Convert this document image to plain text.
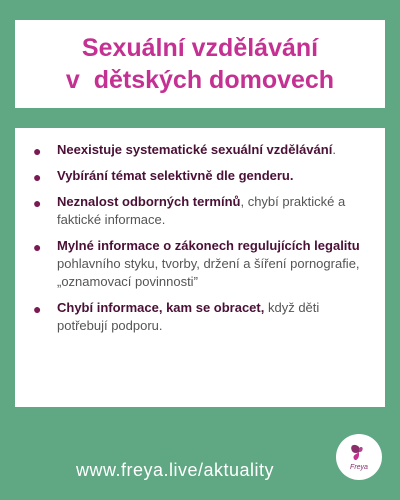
Sexuální vzdělávání
v  dětských domovech
● Neexistuje systematické sexuální vzdělávání.
● Vybírání témat selektivně dle genderu.
● Neznalost odborných termínů, chybí praktické a faktické informace.
● Mylné informace o zákonech regulujících legalitu pohlavního styku, tvorby, držení a šíření pornografie, „oznamovací povinnosti”
● Chybí informace, kam se obracet, když děti potřebují podporu.
www.freya.live/aktuality	Freya
